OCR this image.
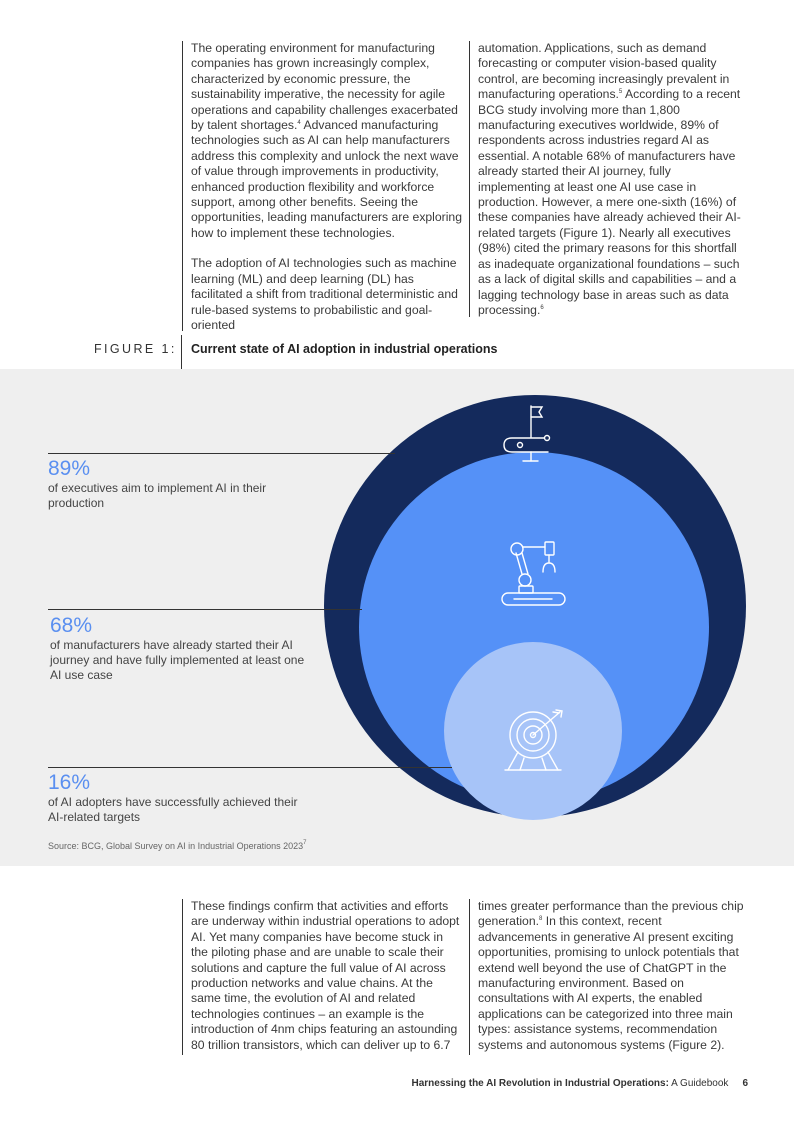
The operating environment for manufacturing companies has grown increasingly complex, characterized by economic pressure, the sustainability imperative, the necessity for agile operations and capability challenges exacerbated by talent shortages.$^4$ Advanced manufacturing technologies such as AI can help manufacturers address this complexity and unlock the next wave of value through improvements in productivity, enhanced production flexibility and workforce support, among other benefits. Seeing the opportunities, leading manufacturers are exploring how to implement these technologies.

The adoption of AI technologies such as machine learning (ML) and deep learning (DL) has facilitated a shift from traditional deterministic and rule-based systems to probabilistic and goal-oriented

automation. Applications, such as demand forecasting or computer vision-based quality control, are becoming increasingly prevalent in manufacturing operations.$^5$ According to a recent BCG study involving more than 1,800 manufacturing executives worldwide, 89% of respondents across industries regard AI as essential. A notable 68% of manufacturers have already started their AI journey, fully implementing at least one AI use case in production. However, a mere one-sixth (16%) of these companies have already achieved their AI-related targets (Figure 1). Nearly all executives (98%) cited the primary reasons for this shortfall as inadequate organizational foundations – such as a lack of digital skills and capabilities – and a lagging technology base in areas such as data processing.$^6$

FIGURE 1: Current state of AI adoption in industrial operations
89%
of executives aim to implement AI in their production
68%
of manufacturers have already started their AI journey and have fully implemented at least one AI use case
16%
of AI adopters have successfully achieved their AI-related targets
Source: BCG, Global Survey on AI in Industrial Operations 2023$^7$

These findings confirm that activities and efforts are underway within industrial operations to adopt AI. Yet many companies have become stuck in the piloting phase and are unable to scale their solutions and capture the full value of AI across production networks and value chains. At the same time, the evolution of AI and related technologies continues – an example is the introduction of 4nm chips featuring an astounding 80 trillion transistors, which can deliver up to 6.7

times greater performance than the previous chip generation.$^8$ In this context, recent advancements in generative AI present exciting opportunities, promising to unlock potentials that extend well beyond the use of ChatGPT in the manufacturing environment. Based on consultations with AI experts, the enabled applications can be categorized into three main types: assistance systems, recommendation systems and autonomous systems (Figure 2).

Harnessing the AI Revolution in Industrial Operations: A Guidebook 6
